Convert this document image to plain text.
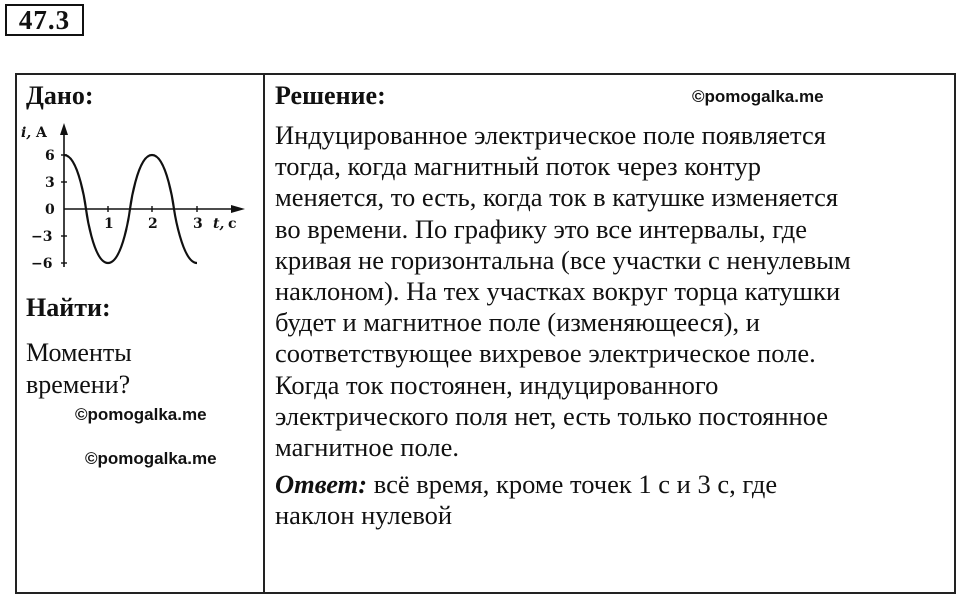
47.3
Дано:
i, A
6
3
0
−3
−6
1 2	3 t, c
Найти:
Моменты
времени?
©pomogalka.me
©pomogalka.me
Решение:	©pomogalka.me

Индуцированное электрическое поле появляется

тогда, когда магнитный поток через контур

меняется, то есть, когда ток в катушке изменяется

во времени. По графику это все интервалы, где

кривая не горизонтальна (все участки с ненулевым

наклоном). На тех участках вокруг торца катушки

будет и магнитное поле (изменяющееся), и

соответствующее вихревое электрическое поле.

Когда ток постоянен, индуцированного

электрического поля нет, есть только постоянное

магнитное поле.

Ответ: всё время, кроме точек 1 с и 3 с, где

наклон нулевой
